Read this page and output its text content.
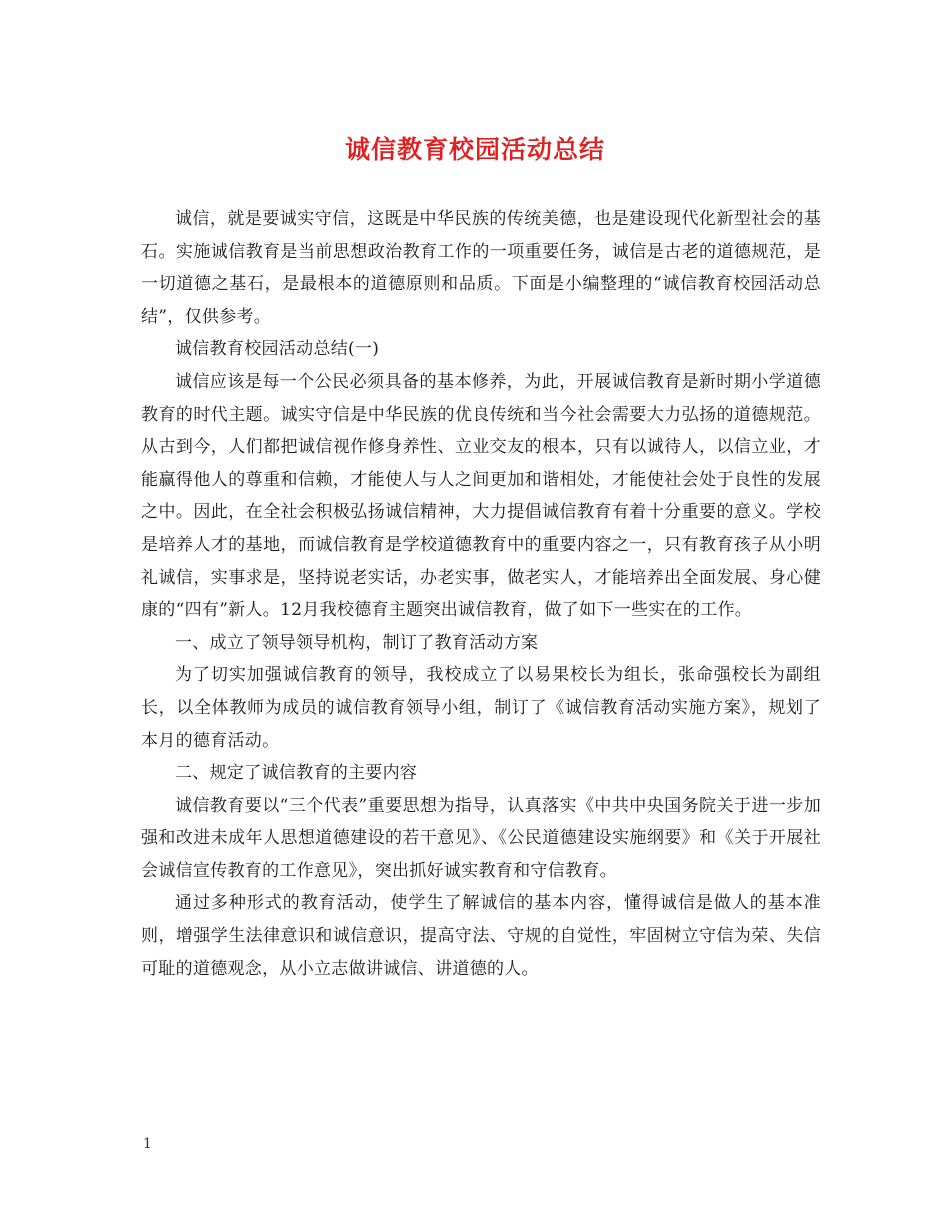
诚信教育校园活动总结

诚信，就是要诚实守信，这既是中华民族的传统美德，也是建设现代化新型社会的基石。实施诚信教育是当前思想政治教育工作的一项重要任务，诚信是古老的道德规范，是一切道德之基石，是最根本的道德原则和品质。下面是小编整理的“诚信教育校园活动总结”，仅供参考。

诚信教育校园活动总结(一)

诚信应该是每一个公民必须具备的基本修养，为此，开展诚信教育是新时期小学道德教育的时代主题。诚实守信是中华民族的优良传统和当今社会需要大力弘扬的道德规范。从古到今，人们都把诚信视作修身养性、立业交友的根本，只有以诚待人，以信立业，才能赢得他人的尊重和信赖，才能使人与人之间更加和谐相处，才能使社会处于良性的发展之中。因此，在全社会积极弘扬诚信精神，大力提倡诚信教育有着十分重要的意义。学校是培养人才的基地，而诚信教育是学校道德教育中的重要内容之一，只有教育孩子从小明礼诚信，实事求是，坚持说老实话，办老实事，做老实人，才能培养出全面发展、身心健康的“四有”新人。12月我校德育主题突出诚信教育，做了如下一些实在的工作。

一、成立了领导领导机构，制订了教育活动方案

为了切实加强诚信教育的领导，我校成立了以易果校长为组长，张命强校长为副组长，以全体教师为成员的诚信教育领导小组，制订了《诚信教育活动实施方案》，规划了本月的德育活动。

二、规定了诚信教育的主要内容

诚信教育要以“三个代表”重要思想为指导，认真落实《中共中央国务院关于进一步加强和改进未成年人思想道德建设的若干意见》、《公民道德建设实施纲要》和《关于开展社会诚信宣传教育的工作意见》，突出抓好诚实教育和守信教育。

通过多种形式的教育活动，使学生了解诚信的基本内容，懂得诚信是做人的基本准则，增强学生法律意识和诚信意识，提高守法、守规的自觉性，牢固树立守信为荣、失信可耻的道德观念，从小立志做讲诚信、讲道德的人。

1
